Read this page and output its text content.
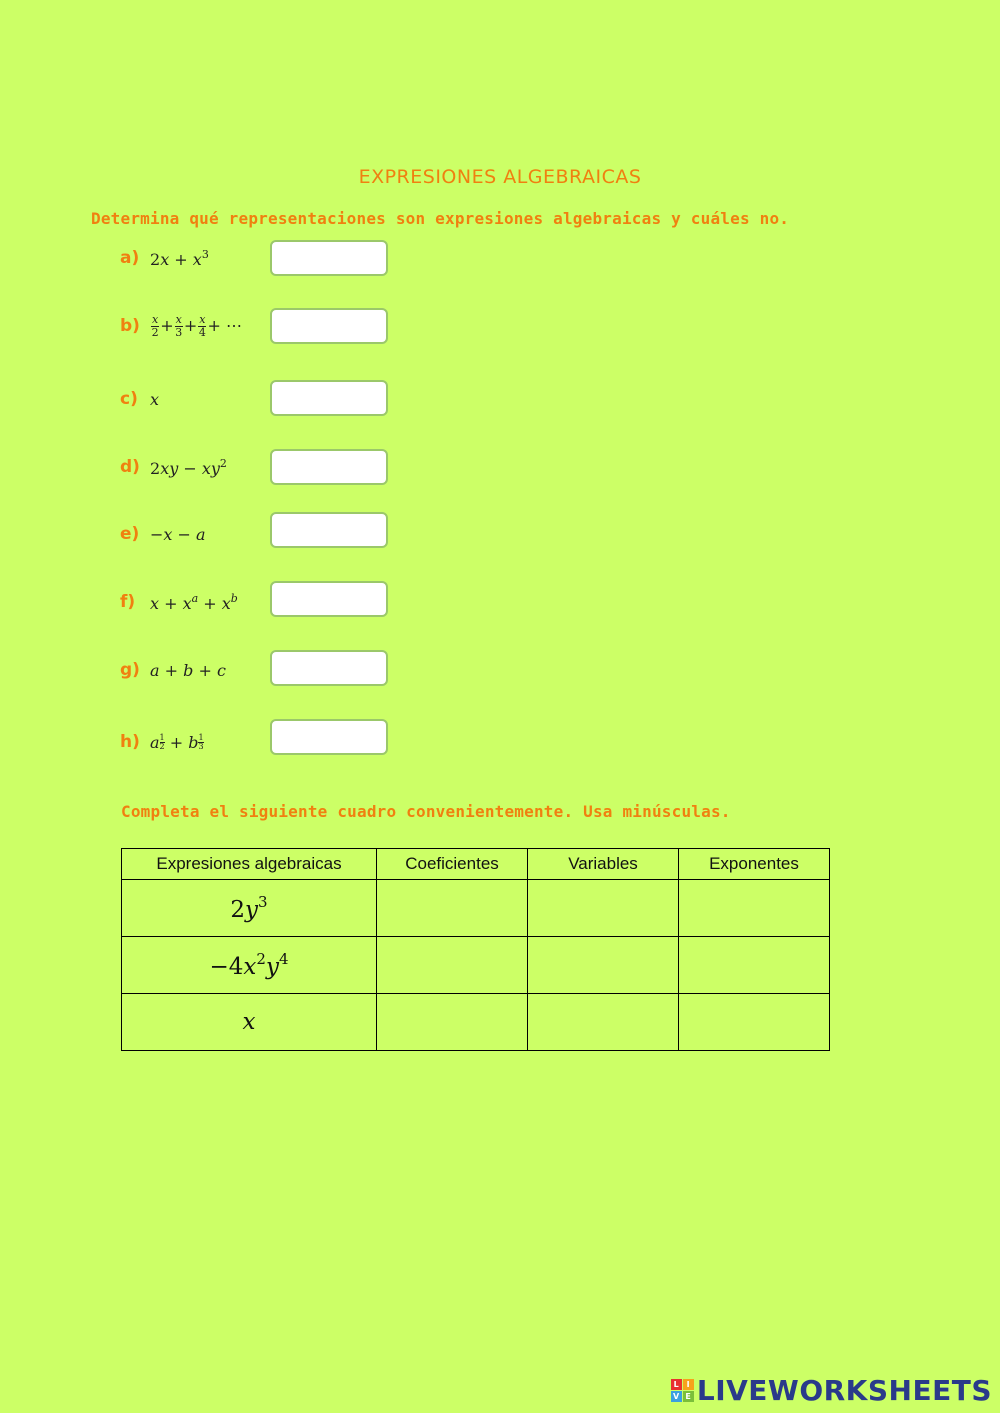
EXPRESIONES ALGEBRAICAS
Determina qué representaciones son expresiones algebraicas y cuáles no.
a) $2x + x^3$
b)	$\frac{x}{2} + \frac{x}{3} + \frac{x}{4}$ + ⋯
c) x
d) $2xy - xy^2$
e) −x − a
f) $x + x^a + x^b$
g) a + b + c
h) a $\frac{1}{2} + b \frac{1}{3}$
Completa el siguiente cuadro convenientemente. Usa minúsculas.
Expresiones algebraicas	Coeficientes	Variables	Exponentes
$2y^3$			
$-4x^2y^4$			
x			
L I
V E LIVEWORKSHEETS
